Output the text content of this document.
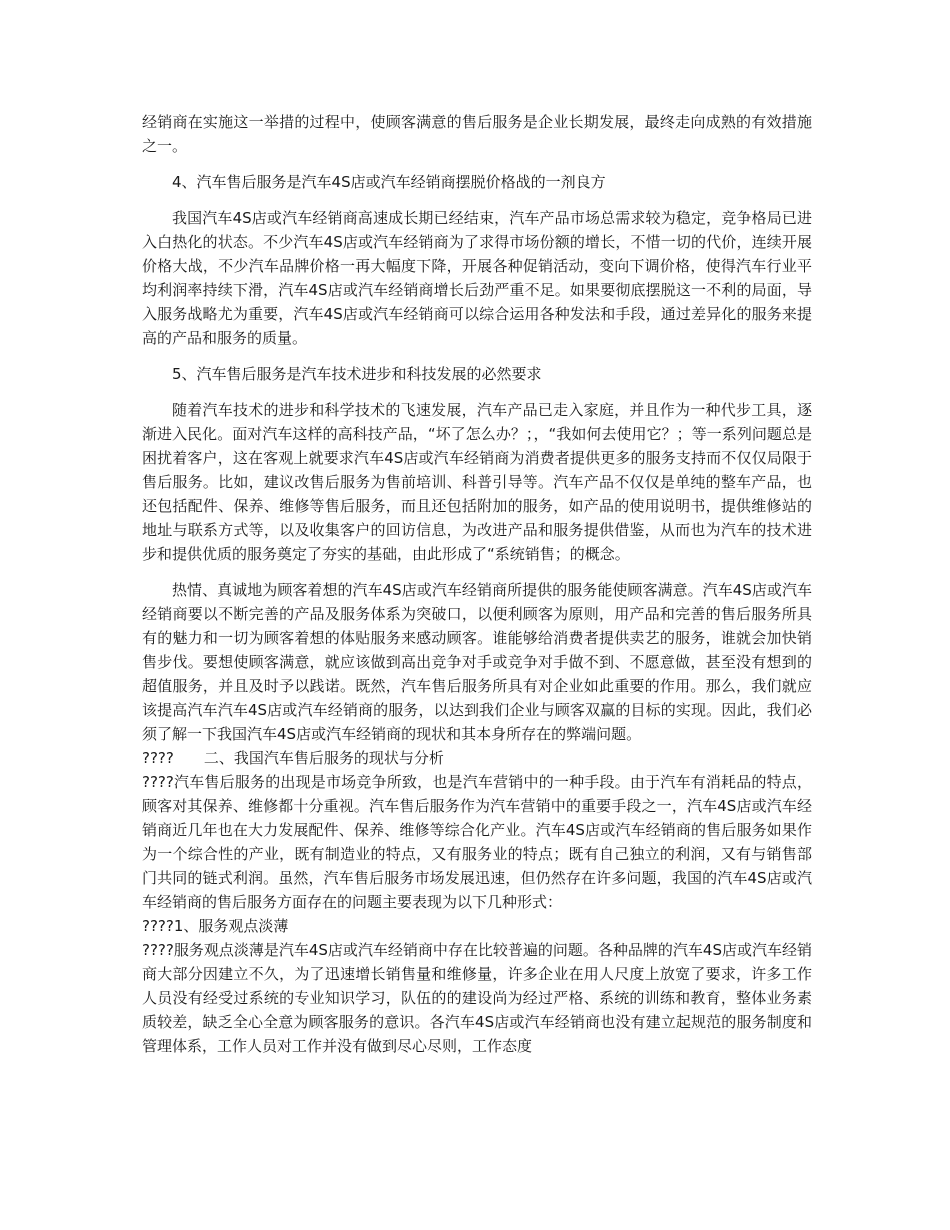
经销商在实施这一举措的过程中，使顾客满意的售后服务是企业长期发展，最终走向成熟的有效措施之一。

4、汽车售后服务是汽车4S店或汽车经销商摆脱价格战的一剂良方

我国汽车4S店或汽车经销商高速成长期已经结束，汽车产品市场总需求较为稳定，竞争格局已进入白热化的状态。不少汽车4S店或汽车经销商为了求得市场份额的增长，不惜一切的代价，连续开展价格大战，不少汽车品牌价格一再大幅度下降，开展各种促销活动，变向下调价格，使得汽车行业平均利润率持续下滑，汽车4S店或汽车经销商增长后劲严重不足。如果要彻底摆脱这一不利的局面，导入服务战略尤为重要，汽车4S店或汽车经销商可以综合运用各种发法和手段，通过差异化的服务来提高的产品和服务的质量。

5、汽车售后服务是汽车技术进步和科技发展的必然要求

随着汽车技术的进步和科学技术的飞速发展，汽车产品已走入家庭，并且作为一种代步工具，逐渐进入民化。面对汽车这样的高科技产品，“坏了怎么办？；，“我如何去使用它？；等一系列问题总是困扰着客户，这在客观上就要求汽车4S店或汽车经销商为消费者提供更多的服务支持而不仅仅局限于售后服务。比如，建议改售后服务为售前培训、科普引导等。汽车产品不仅仅是单纯的整车产品，也还包括配件、保养、维修等售后服务，而且还包括附加的服务，如产品的使用说明书，提供维修站的地址与联系方式等，以及收集客户的回访信息，为改进产品和服务提供借鉴，从而也为汽车的技术进步和提供优质的服务奠定了夯实的基础，由此形成了“系统销售；的概念。

热情、真诚地为顾客着想的汽车4S店或汽车经销商所提供的服务能使顾客满意。汽车4S店或汽车经销商要以不断完善的产品及服务体系为突破口，以便利顾客为原则，用产品和完善的售后服务所具有的魅力和一切为顾客着想的体贴服务来感动顾客。谁能够给消费者提供卖艺的服务，谁就会加快销售步伐。要想使顾客满意，就应该做到高出竞争对手或竞争对手做不到、不愿意做，甚至没有想到的超值服务，并且及时予以践诺。既然，汽车售后服务所具有对企业如此重要的作用。那么，我们就应该提高汽车汽车4S店或汽车经销商的服务，以达到我们企业与顾客双赢的目标的实现。因此，我们必须了解一下我国汽车4S店或汽车经销商的现状和其本身所存在的弊端问题。

????　　二、我国汽车售后服务的现状与分析

????汽车售后服务的出现是市场竞争所致，也是汽车营销中的一种手段。由于汽车有消耗品的特点，顾客对其保养、维修都十分重视。汽车售后服务作为汽车营销中的重要手段之一，汽车4S店或汽车经销商近几年也在大力发展配件、保养、维修等综合化产业。汽车4S店或汽车经销商的售后服务如果作为一个综合性的产业，既有制造业的特点，又有服务业的特点；既有自己独立的利润，又有与销售部门共同的链式利润。虽然，汽车售后服务市场发展迅速，但仍然存在许多问题，我国的汽车4S店或汽车经销商的售后服务方面存在的问题主要表现为以下几种形式：

????1、服务观点淡薄

????服务观点淡薄是汽车4S店或汽车经销商中存在比较普遍的问题。各种品牌的汽车4S店或汽车经销商大部分因建立不久，为了迅速增长销售量和维修量，许多企业在用人尺度上放宽了要求，许多工作人员没有经受过系统的专业知识学习，队伍的的建设尚为经过严格、系统的训练和教育，整体业务素质较差，缺乏全心全意为顾客服务的意识。各汽车4S店或汽车经销商也没有建立起规范的服务制度和管理体系，工作人员对工作并没有做到尽心尽则，工作态度
